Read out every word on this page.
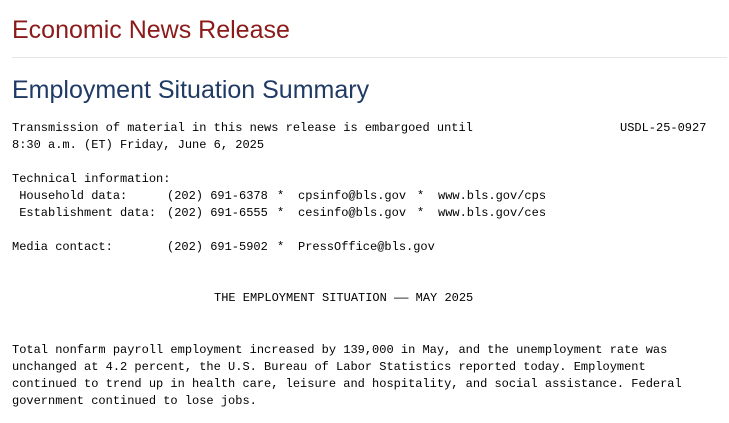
Economic News Release
Employment Situation Summary
Transmission of material in this news release is embargoed until	USDL-25-0927
8:30 a.m. (ET) Friday, June 6, 2025
Technical information:
Household data:	(202) 691-6378 * cpsinfo@bls.gov * www.bls.gov/cps
Establishment data: (202) 691-6555 * cesinfo@bls.gov * www.bls.gov/ces
Media contact:	(202) 691-5902 * PressOffice@bls.gov
THE EMPLOYMENT SITUATION —— MAY 2025
Total nonfarm payroll employment increased by 139,000 in May, and the unemployment rate was
unchanged at 4.2 percent, the U.S. Bureau of Labor Statistics reported today. Employment
continued to trend up in health care, leisure and hospitality, and social assistance. Federal
government continued to lose jobs.
